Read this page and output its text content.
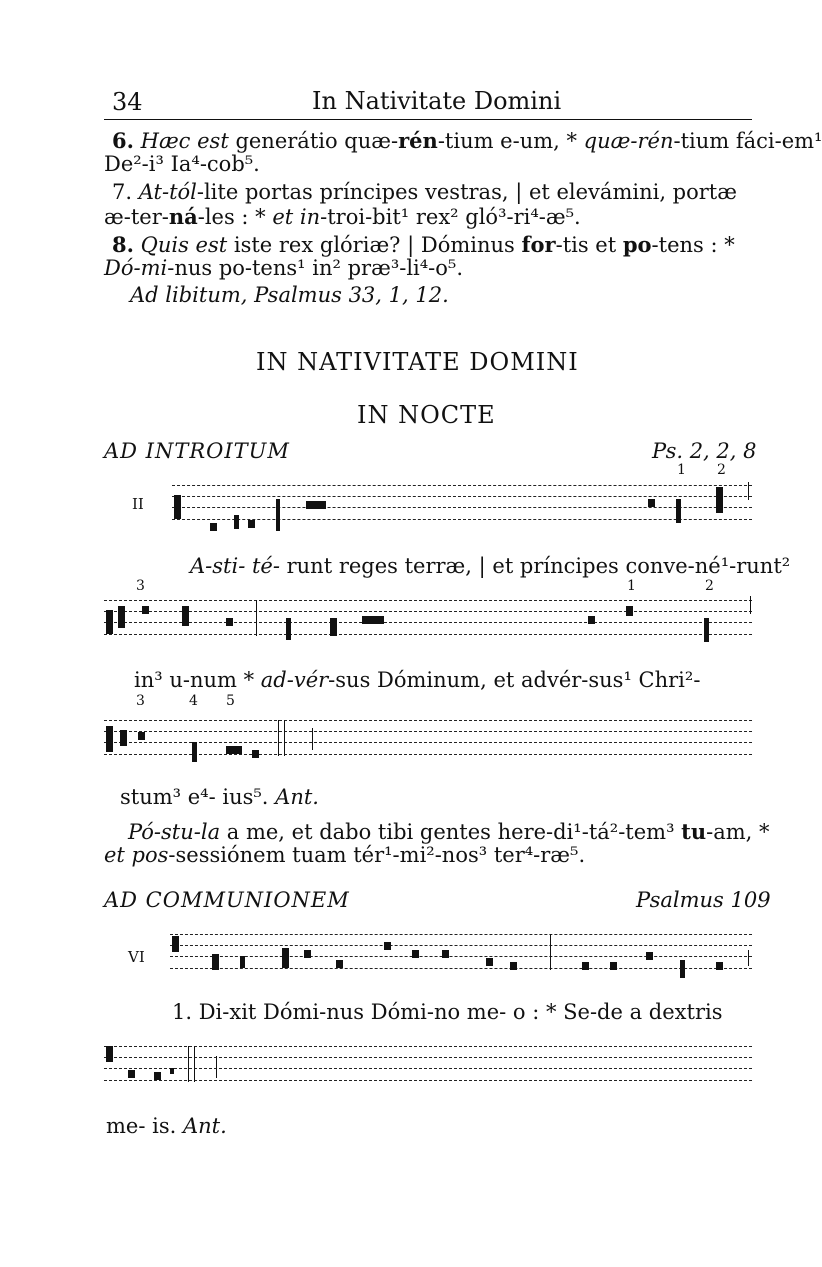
34	In Nativitate Domini
6. Hæc est generátio quæ-rén-tium e-um, * quæ-rén-tium fáci-em¹
De²-i³ Ia⁴-cob⁵.
7. At-tól-lite portas príncipes vestras, | et elevámini, portæ
æ-ter-ná-les : * et in-troi-bit¹ rex² gló³-ri⁴-æ⁵.
8. Quis est iste rex glóriæ? | Dóminus for-tis et po-tens : *
Dó-mi-nus po-tens¹ in² præ³-li⁴-o⁵.
Ad libitum, Psalmus 33, 1, 12.
IN NATIVITATE DOMINI
IN NOCTE
AD INTROITUM	Ps. 2, 2, 8
1 2
II
A-sti- té- runt reges terræ, | et príncipes conve-né¹-runt²
3	1	2
in³ u-num * ad-vér-sus Dóminum, et advér-sus¹ Chri²-
3	4 5
stum³ e⁴- ius⁵. Ant.
Pó-stu-la a me, et dabo tibi gentes here-di¹-tá²-tem³ tu-am, *
et pos-sessiónem tuam tér¹-mi²-nos³ ter⁴-ræ⁵.
AD COMMUNIONEM	Psalmus 109
VI
1. Di-xit Dómi-nus Dómi-no me- o : * Se-de a dextris
me- is. Ant.
